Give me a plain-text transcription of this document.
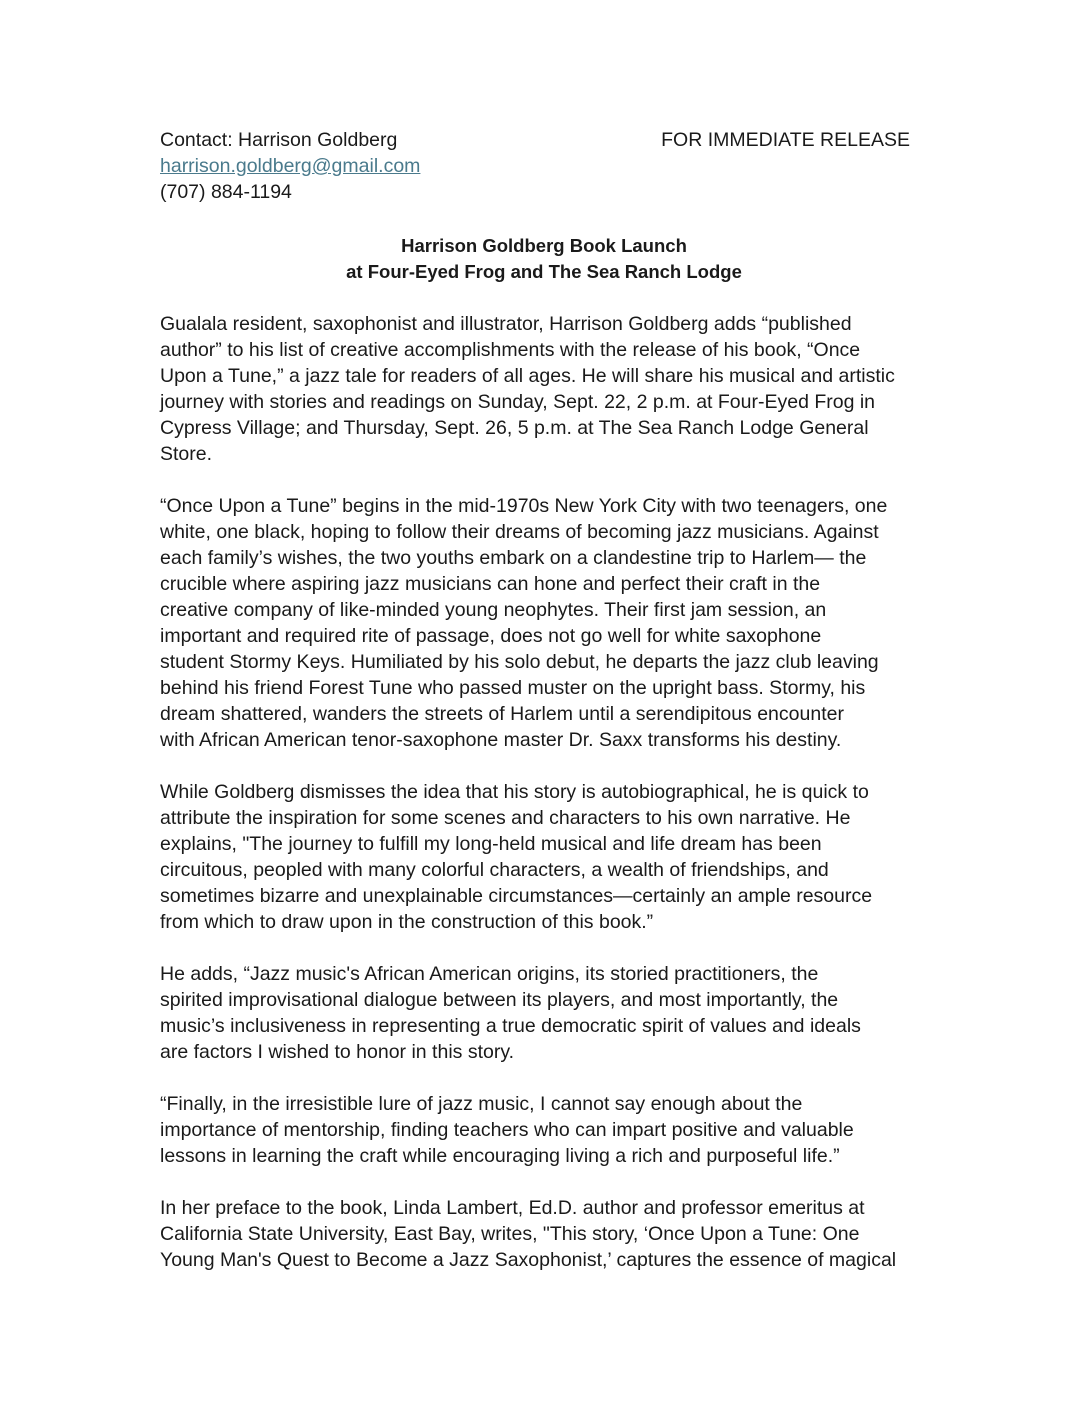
Contact: Harrison Goldberg	FOR IMMEDIATE RELEASE
harrison.goldberg@gmail.com
(707) 884-1194
Harrison Goldberg Book Launch
at Four-Eyed Frog and The Sea Ranch Lodge
Gualala resident, saxophonist and illustrator, Harrison Goldberg adds “published
author” to his list of creative accomplishments with the release of his book, “Once
Upon a Tune,” a jazz tale for readers of all ages. He will share his musical and artistic
journey with stories and readings on Sunday, Sept. 22, 2 p.m. at Four-Eyed Frog in
Cypress Village; and Thursday, Sept. 26, 5 p.m. at The Sea Ranch Lodge General
Store.
“Once Upon a Tune” begins in the mid-1970s New York City with two teenagers, one
white, one black, hoping to follow their dreams of becoming jazz musicians. Against
each family’s wishes, the two youths embark on a clandestine trip to Harlem— the
crucible where aspiring jazz musicians can hone and perfect their craft in the
creative company of like-minded young neophytes. Their first jam session, an
important and required rite of passage, does not go well for white saxophone
student Stormy Keys. Humiliated by his solo debut, he departs the jazz club leaving
behind his friend Forest Tune who passed muster on the upright bass. Stormy, his
dream shattered, wanders the streets of Harlem until a serendipitous encounter
with African American tenor-saxophone master Dr. Saxx transforms his destiny.
While Goldberg dismisses the idea that his story is autobiographical, he is quick to
attribute the inspiration for some scenes and characters to his own narrative. He
explains, "The journey to fulfill my long-held musical and life dream has been
circuitous, peopled with many colorful characters, a wealth of friendships, and
sometimes bizarre and unexplainable circumstances—certainly an ample resource
from which to draw upon in the construction of this book.”
He adds, “Jazz music's African American origins, its storied practitioners, the
spirited improvisational dialogue between its players, and most importantly, the
music’s inclusiveness in representing a true democratic spirit of values and ideals
are factors I wished to honor in this story.
“Finally, in the irresistible lure of jazz music, I cannot say enough about the
importance of mentorship, finding teachers who can impart positive and valuable
lessons in learning the craft while encouraging living a rich and purposeful life.”
In her preface to the book, Linda Lambert, Ed.D. author and professor emeritus at
California State University, East Bay, writes, "This story, ‘Once Upon a Tune: One
Young Man's Quest to Become a Jazz Saxophonist,’ captures the essence of magical
